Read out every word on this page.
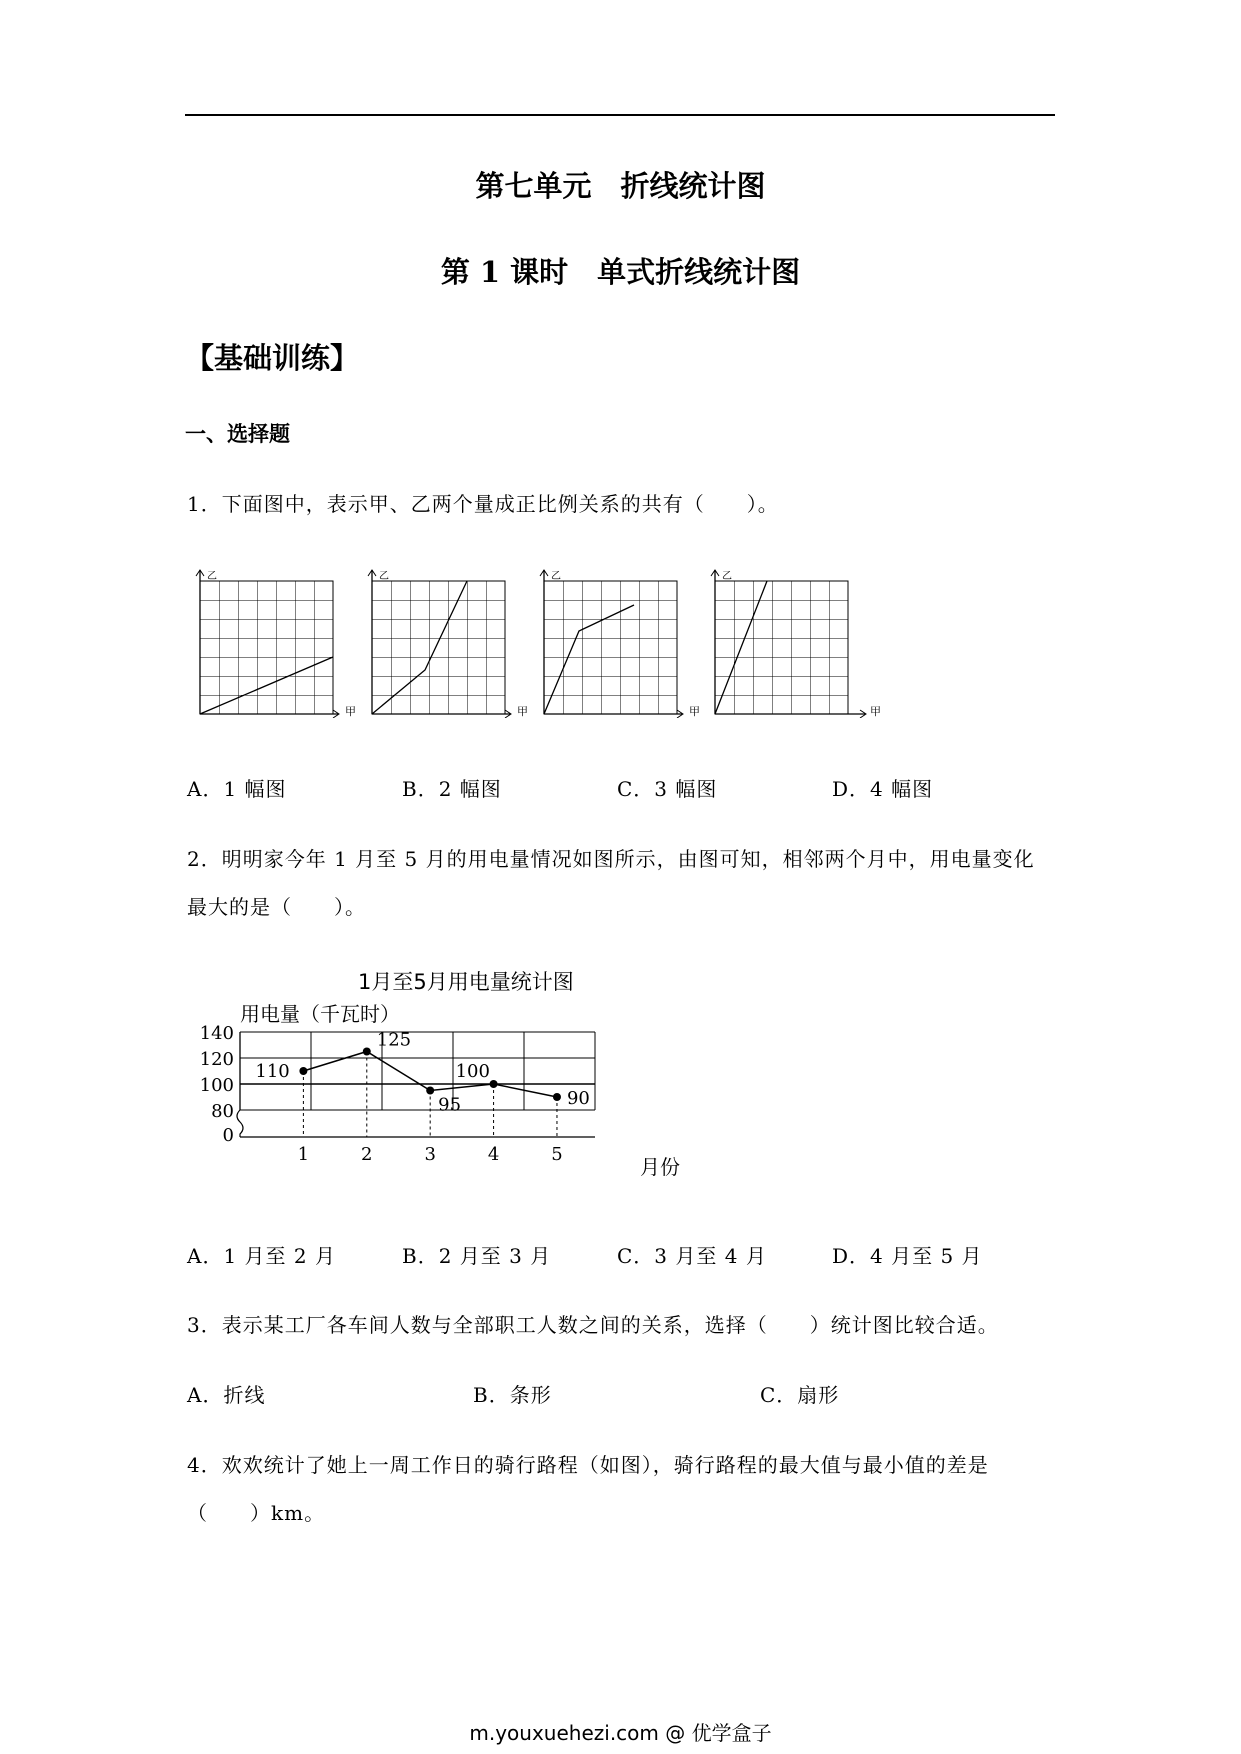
第七单元　折线统计图
第 1 课时　单式折线统计图
【基础训练】
一、选择题
1．下面图中，表示甲、乙两个量成正比例关系的共有（　　）。
乙	乙	乙	乙
甲	甲	甲	甲
A．1 幅图	B．2 幅图	C．3 幅图	D．4 幅图
2．明明家今年 1 月至 5 月的用电量情况如图所示，由图可知，相邻两个月中，用电量变化
最大的是（　　）。
1月至5月用电量统计图
用电量（千瓦时）
月份
140
120
100
80
0
1	2	3	4	5
110
125
95
100
90
A．1 月至 2 月	B．2 月至 3 月	C．3 月至 4 月	D．4 月至 5 月
3．表示某工厂各车间人数与全部职工人数之间的关系，选择（　　）统计图比较合适。
A．折线	B．条形	C．扇形
4．欢欢统计了她上一周工作日的骑行路程（如图），骑行路程的最大值与最小值的差是
（　　）km。
m.youxuehezi.com @ 优学盒子
